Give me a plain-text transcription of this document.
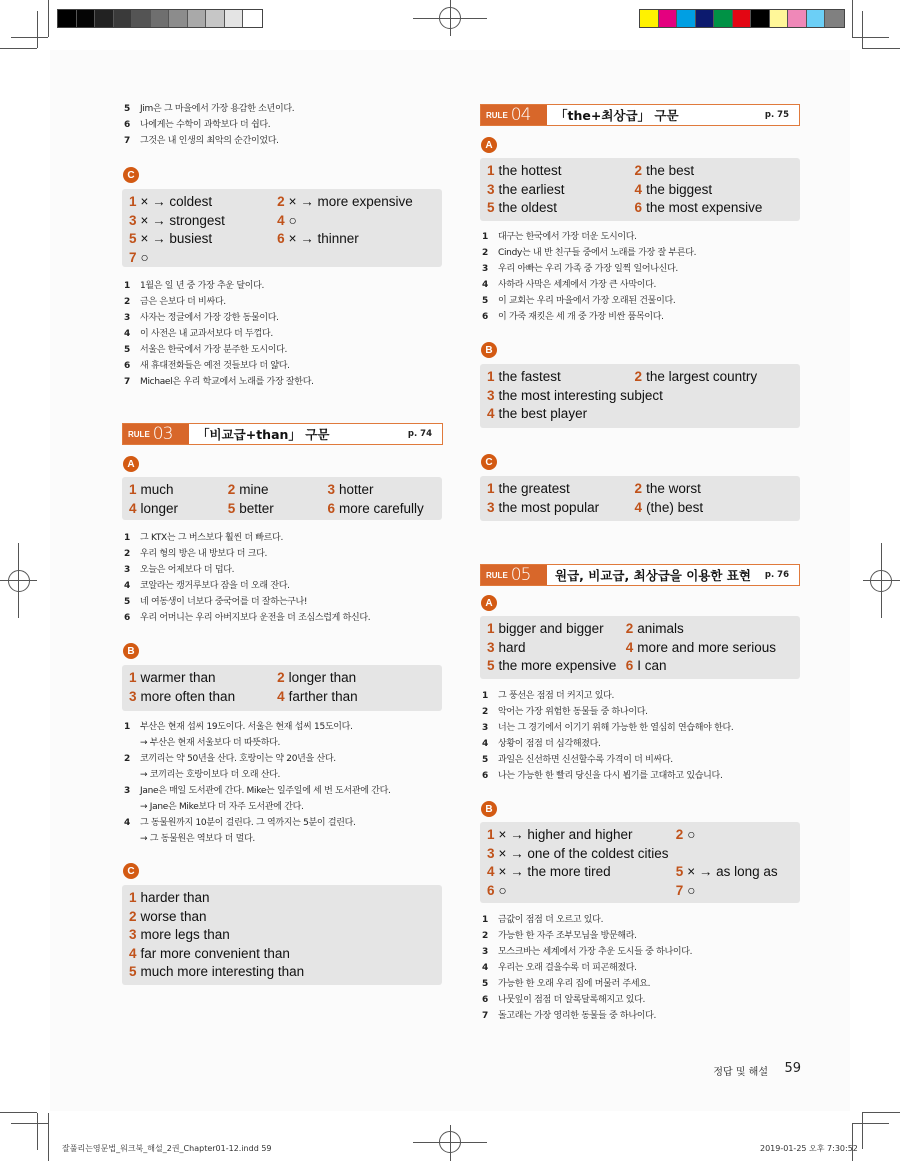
5	Jim은 그 마을에서 가장 용감한 소년이다.
6	나에게는 수학이 과학보다 더 쉽다.
7	그것은 내 인생의 최악의 순간이었다.
C
1 × → coldest	2 × → more expensive
3 × → strongest	4 ○
5 × → busiest	6 × → thinner
7 ○
1	1월은 일 년 중 가장 추운 달이다.
2	금은 은보다 더 비싸다.
3	사자는 정글에서 가장 강한 동물이다.
4	이 사전은 내 교과서보다 더 두껍다.
5	서울은 한국에서 가장 분주한 도시이다.
6	새 휴대전화들은 예전 것들보다 더 얇다.
7	Michael은 우리 학교에서 노래를 가장 잘한다.
RULE 03	「비교급+than」 구문	p. 74
A
1 much	2 mine	3 hotter
4 longer	5 better	6 more carefully
1	그 KTX는 그 버스보다 훨씬 더 빠르다.
2	우리 형의 방은 내 방보다 더 크다.
3	오늘은 어제보다 더 덥다.
4	코알라는 캥거루보다 잠을 더 오래 잔다.
5	네 여동생이 너보다 중국어를 더 잘하는구나!
6	우리 어머니는 우리 아버지보다 운전을 더 조심스럽게 하신다.
B
1 warmer than	2 longer than
3 more often than	4 farther than
1	부산은 현재 섭씨 19도이다. 서울은 현재 섭씨 15도이다.
→ 부산은 현재 서울보다 더 따뜻하다.
2	코끼리는 약 50년을 산다. 호랑이는 약 20년을 산다.
→ 코끼리는 호랑이보다 더 오래 산다.
3	Jane은 매일 도서관에 간다. Mike는 일주일에 세 번 도서관에 간다.
→ Jane은 Mike보다 더 자주 도서관에 간다.
4	그 동물원까지 10분이 걸린다. 그 역까지는 5분이 걸린다.
→ 그 동물원은 역보다 더 멀다.
C
1 harder than
2 worse than
3 more legs than
4 far more convenient than
5 much more interesting than
RULE 04	「the+최상급」 구문	p. 75
A
1 the hottest	2 the best
3 the earliest	4 the biggest
5 the oldest	6 the most expensive
1	대구는 한국에서 가장 더운 도시이다.
2	Cindy는 내 반 친구들 중에서 노래를 가장 잘 부른다.
3	우리 아빠는 우리 가족 중 가장 일찍 일어나신다.
4	사하라 사막은 세계에서 가장 큰 사막이다.
5	이 교회는 우리 마을에서 가장 오래된 건물이다.
6	이 가죽 재킷은 세 개 중 가장 비싼 품목이다.
B
1 the fastest	2 the largest country
3 the most interesting subject
4 the best player
C
1 the greatest	2 the worst
3 the most popular	4 (the) best
RULE 05	원급, 비교급, 최상급을 이용한 표현	p. 76
A
1 bigger and bigger	2 animals
3 hard	4 more and more serious
5 the more expensive 6 I can
1	그 풍선은 점점 더 커지고 있다.
2	악어는 가장 위험한 동물들 중 하나이다.
3	너는 그 경기에서 이기기 위해 가능한 한 열심히 연습해야 한다.
4	상황이 점점 더 심각해졌다.
5	과일은 신선하면 신선할수록 가격이 더 비싸다.
6	나는 가능한 한 빨리 당신을 다시 뵙기를 고대하고 있습니다.
B
1 × → higher and higher	2 ○
3 × → one of the coldest cities
4 × → the more tired	5 × → as long as
6 ○	7 ○
1	금값이 점점 더 오르고 있다.
2	가능한 한 자주 조부모님을 방문해라.
3	모스크바는 세계에서 가장 추운 도시들 중 하나이다.
4	우리는 오래 걸을수록 더 피곤해졌다.
5	가능한 한 오래 우리 집에 머물러 주세요.
6	나뭇잎이 점점 더 알록달록해지고 있다.
7	돌고래는 가장 영리한 동물들 중 하나이다.
정답 및 해설 59
잘풀리는영문법_워크북_해설_2권_Chapter01-12.indd 59	2019-01-25 오후 7:30:52
